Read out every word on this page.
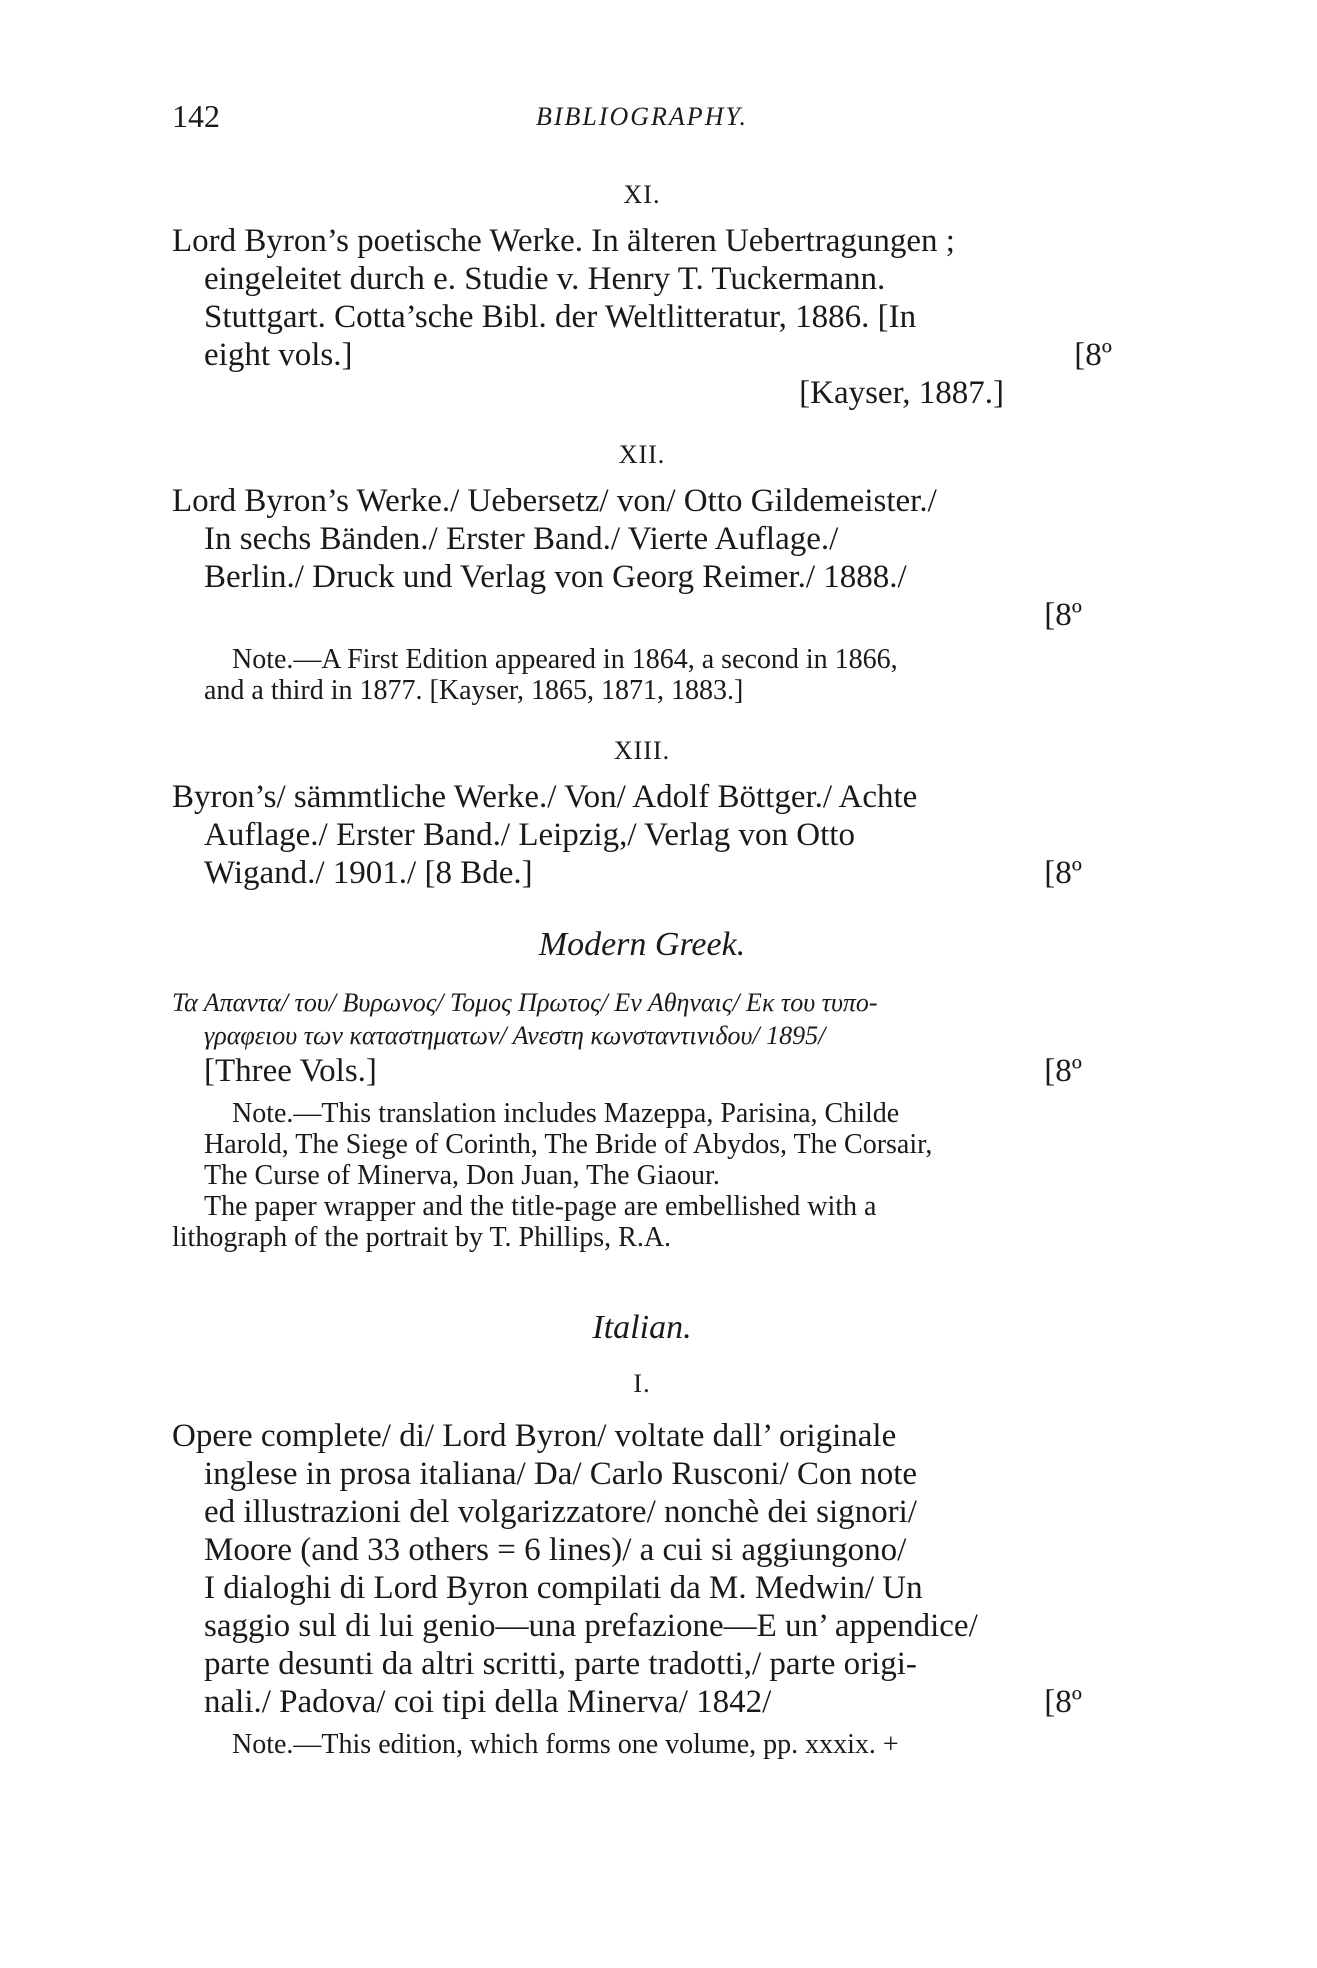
142	BIBLIOGRAPHY.
XI.
Lord Byron’s poetische Werke. In älteren Uebertragungen ;
eingeleitet durch e. Studie v. Henry T. Tuckermann.
Stuttgart. Cotta’sche Bibl. der Weltlitteratur, 1886. [In
eight vols.]	[8º
[Kayser, 1887.]
XII.
Lord Byron’s Werke./ Uebersetz/ von/ Otto Gildemeister./
In sechs Bänden./ Erster Band./ Vierte Auflage./
Berlin./ Druck und Verlag von Georg Reimer./ 1888./
[8º
Note.—A First Edition appeared in 1864, a second in 1866,
and a third in 1877. [Kayser, 1865, 1871, 1883.]
XIII.
Byron’s/ sämmtliche Werke./ Von/ Adolf Böttger./ Achte
Auflage./ Erster Band./ Leipzig,/ Verlag von Otto
Wigand./ 1901./ [8 Bde.]	[8º
Modern Greek.
Τα Απαντα/ του/ Βυρωνος/ Τομος Πρωτος/ Εν Αθηναις/ Εκ του τυπο-
γραφειου των καταστηματων/ Ανεστη κωνσταντινιδου/ 1895/
[Three Vols.]	[8º
Note.—This translation includes Mazeppa, Parisina, Childe
Harold, The Siege of Corinth, The Bride of Abydos, The Corsair,
The Curse of Minerva, Don Juan, The Giaour.
The paper wrapper and the title-page are embellished with a
lithograph of the portrait by T. Phillips, R.A.
Italian.
I.
Opere complete/ di/ Lord Byron/ voltate dall’ originale
inglese in prosa italiana/ Da/ Carlo Rusconi/ Con note
ed illustrazioni del volgarizzatore/ nonchè dei signori/
Moore (and 33 others = 6 lines)/ a cui si aggiungono/
I dialoghi di Lord Byron compilati da M. Medwin/ Un
saggio sul di lui genio—una prefazione—E un’ appendice/
parte desunti da altri scritti, parte tradotti,/ parte origi-
nali./ Padova/ coi tipi della Minerva/ 1842/	[8º
Note.—This edition, which forms one volume, pp. xxxix. +
